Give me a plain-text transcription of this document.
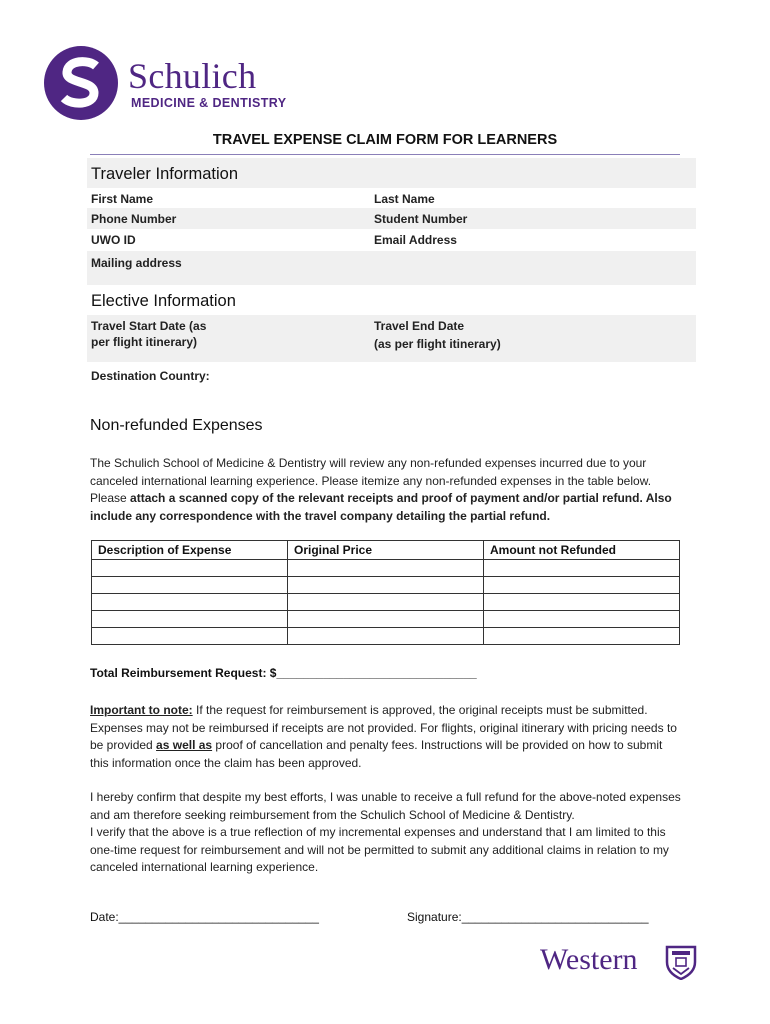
Schulich
MEDICINE & DENTISTRY
TRAVEL EXPENSE CLAIM FORM FOR LEARNERS
Traveler Information
First Name	Last Name
Phone Number	Student Number
UWO ID	Email Address
Mailing address
Elective Information
Travel Start Date (as
per flight itinerary)
Travel End Date
(as per flight itinerary)
Destination Country:
Non-refunded Expenses
The Schulich School of Medicine & Dentistry will review any non-refunded expenses incurred due to your canceled international learning experience. Please itemize any non-refunded expenses in the table below. Please attach a scanned copy of the relevant receipts and proof of payment and/or partial refund. Also include any correspondence with the travel company detailing the partial refund.
Description of Expense	Original Price	Amount not Refunded

Total Reimbursement Request: $______________________________
Important to note: If the request for reimbursement is approved, the original receipts must be submitted. Expenses may not be reimbursed if receipts are not provided. For flights, original itinerary with pricing needs to be provided as well as proof of cancellation and penalty fees. Instructions will be provided on how to submit this information once the claim has been approved.
I hereby confirm that despite my best efforts, I was unable to receive a full refund for the above-noted expenses and am therefore seeking reimbursement from the Schulich School of Medicine & Dentistry.
I verify that the above is a true reflection of my incremental expenses and understand that I am limited to this one-time request for reimbursement and will not be permitted to submit any additional claims in relation to my canceled international learning experience.
Date:______________________________	Signature:____________________________
Western
